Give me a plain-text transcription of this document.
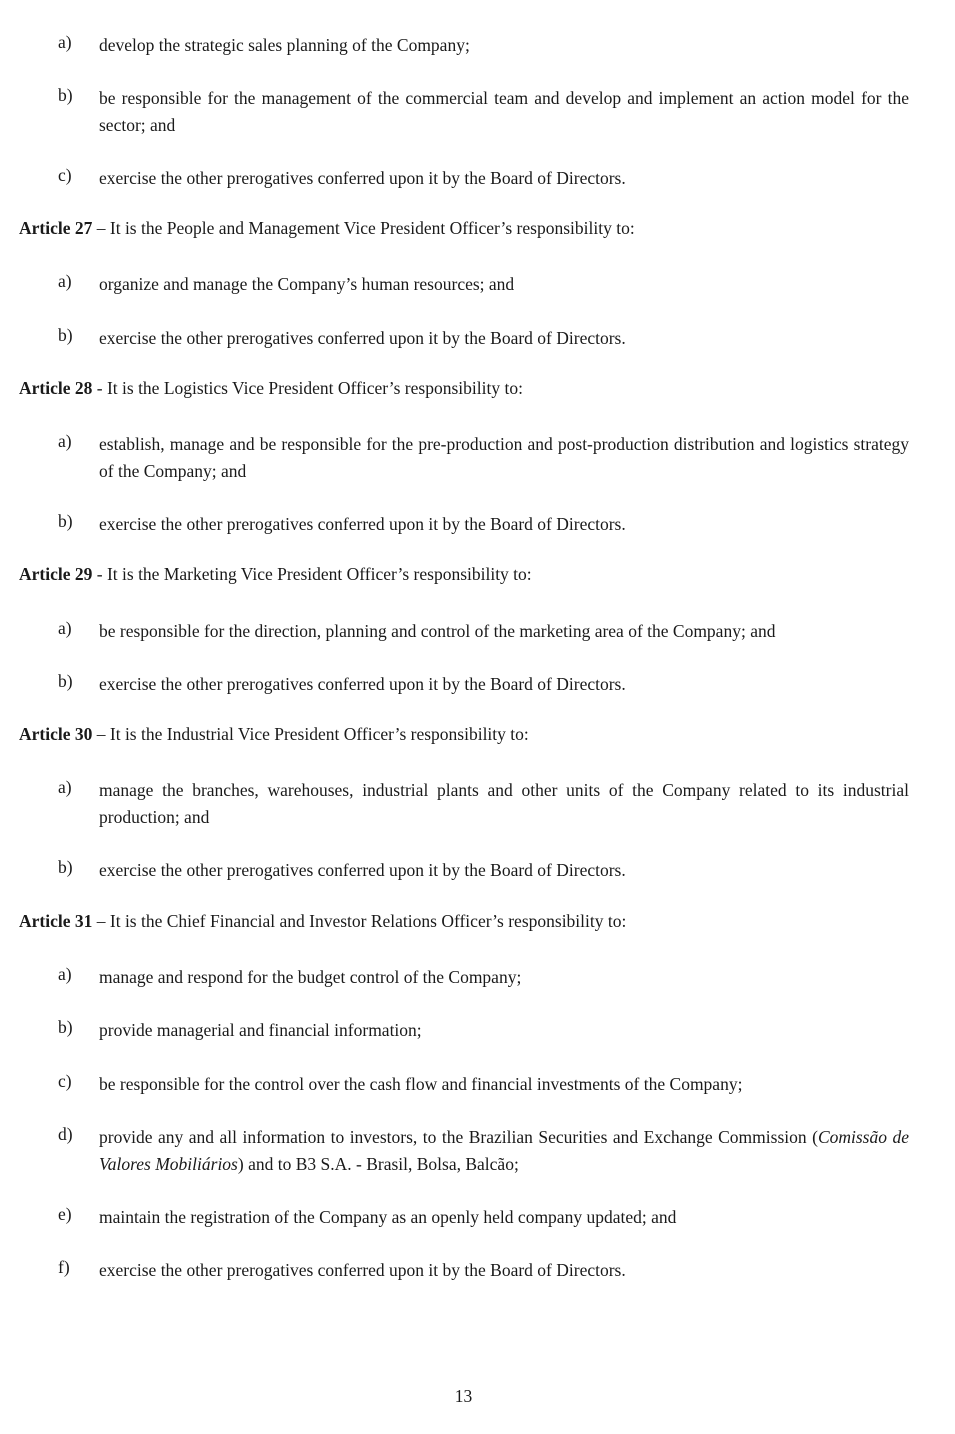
a) develop the strategic sales planning of the Company;
b) be responsible for the management of the commercial team and develop and implement an action model for the sector; and
c) exercise the other prerogatives conferred upon it by the Board of Directors.
Article 27 – It is the People and Management Vice President Officer’s responsibility to:
a) organize and manage the Company’s human resources; and
b) exercise the other prerogatives conferred upon it by the Board of Directors.
Article 28 - It is the Logistics Vice President Officer’s responsibility to:
a) establish, manage and be responsible for the pre-production and post-production distribution and logistics strategy of the Company; and
b) exercise the other prerogatives conferred upon it by the Board of Directors.
Article 29 - It is the Marketing Vice President Officer’s responsibility to:
a) be responsible for the direction, planning and control of the marketing area of the Company; and
b) exercise the other prerogatives conferred upon it by the Board of Directors.
Article 30 – It is the Industrial Vice President Officer’s responsibility to:
a) manage the branches, warehouses, industrial plants and other units of the Company related to its industrial production; and
b) exercise the other prerogatives conferred upon it by the Board of Directors.
Article 31 – It is the Chief Financial and Investor Relations Officer’s responsibility to:
a) manage and respond for the budget control of the Company;
b) provide managerial and financial information;
c) be responsible for the control over the cash flow and financial investments of the Company;
d) provide any and all information to investors, to the Brazilian Securities and Exchange Commission (Comissão de Valores Mobiliários) and to B3 S.A. - Brasil, Bolsa, Balcão;
e) maintain the registration of the Company as an openly held company updated; and
f) exercise the other prerogatives conferred upon it by the Board of Directors.
13
